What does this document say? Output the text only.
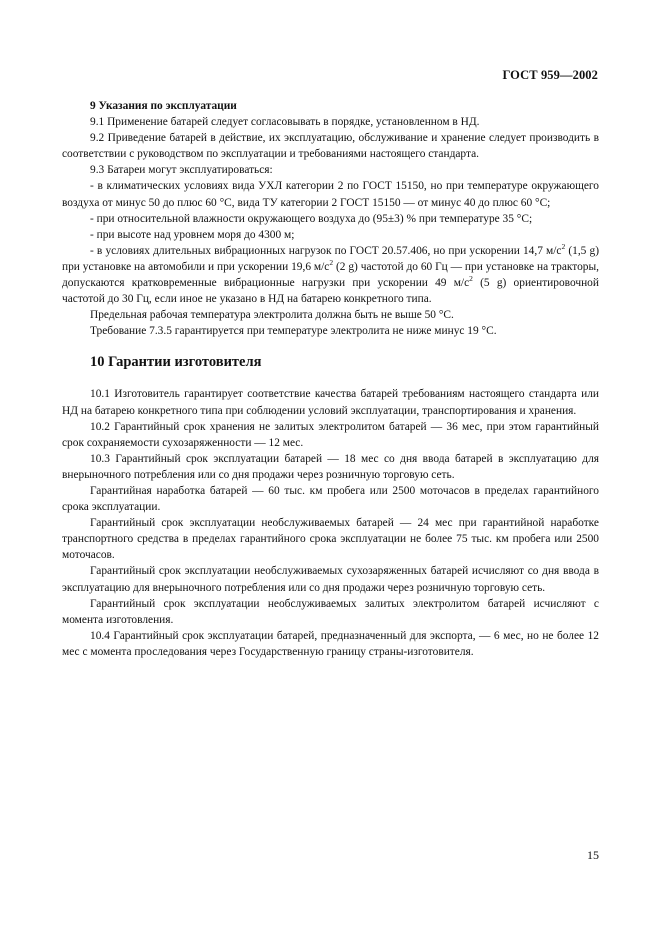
ГОСТ 959—2002
9 Указания по эксплуатации

9.1 Применение батарей следует согласовывать в порядке, установленном в НД.

9.2 Приведение батарей в действие, их эксплуатацию, обслуживание и хранение следует производить в соответствии с руководством по эксплуатации и требованиями настоящего стандарта.

9.3 Батареи могут эксплуатироваться:

- в климатических условиях вида УХЛ категории 2 по ГОСТ 15150, но при температуре окружающего воздуха от минус 50 до плюс 60 °С, вида ТУ категории 2 ГОСТ 15150 — от минус 40 до плюс 60 °С;

- при относительной влажности окружающего воздуха до (95±3) % при температуре 35 °С;

- при высоте над уровнем моря до 4300 м;

- в условиях длительных вибрационных нагрузок по ГОСТ 20.57.406, но при ускорении 14,7 $м/с^2$ (1,5 g) при установке на автомобили и при ускорении 19,6 $м/с^2$ (2 g) частотой до 60 Гц — при установке на тракторы, допускаются кратковременные вибрационные нагрузки при ускорении 49 $м/с^2$ (5 g) ориентировочной частотой до 30 Гц, если иное не указано в НД на батарею конкретного типа.

Предельная рабочая температура электролита должна быть не выше 50 °С.

Требование 7.3.5 гарантируется при температуре электролита не ниже минус 19 °С.

10 Гарантии изготовителя

10.1 Изготовитель гарантирует соответствие качества батарей требованиям настоящего стандарта или НД на батарею конкретного типа при соблюдении условий эксплуатации, транспортирования и хранения.

10.2 Гарантийный срок хранения не залитых электролитом батарей — 36 мес, при этом гарантийный срок сохраняемости сухозаряженности — 12 мес.

10.3 Гарантийный срок эксплуатации батарей — 18 мес со дня ввода батарей в эксплуатацию для внерыночного потребления или со дня продажи через розничную торговую сеть.

Гарантийная наработка батарей — 60 тыс. км пробега или 2500 моточасов в пределах гарантийного срока эксплуатации.

Гарантийный срок эксплуатации необслуживаемых батарей — 24 мес при гарантийной наработке транспортного средства в пределах гарантийного срока эксплуатации не более 75 тыс. км пробега или 2500 моточасов.

Гарантийный срок эксплуатации необслуживаемых сухозаряженных батарей исчисляют со дня ввода в эксплуатацию для внерыночного потребления или со дня продажи через розничную торговую сеть.

Гарантийный срок эксплуатации необслуживаемых залитых электролитом батарей исчисляют с момента изготовления.

10.4 Гарантийный срок эксплуатации батарей, предназначенный для экспорта, — 6 мес, но не более 12 мес с момента проследования через Государственную границу страны-изготовителя.

15
